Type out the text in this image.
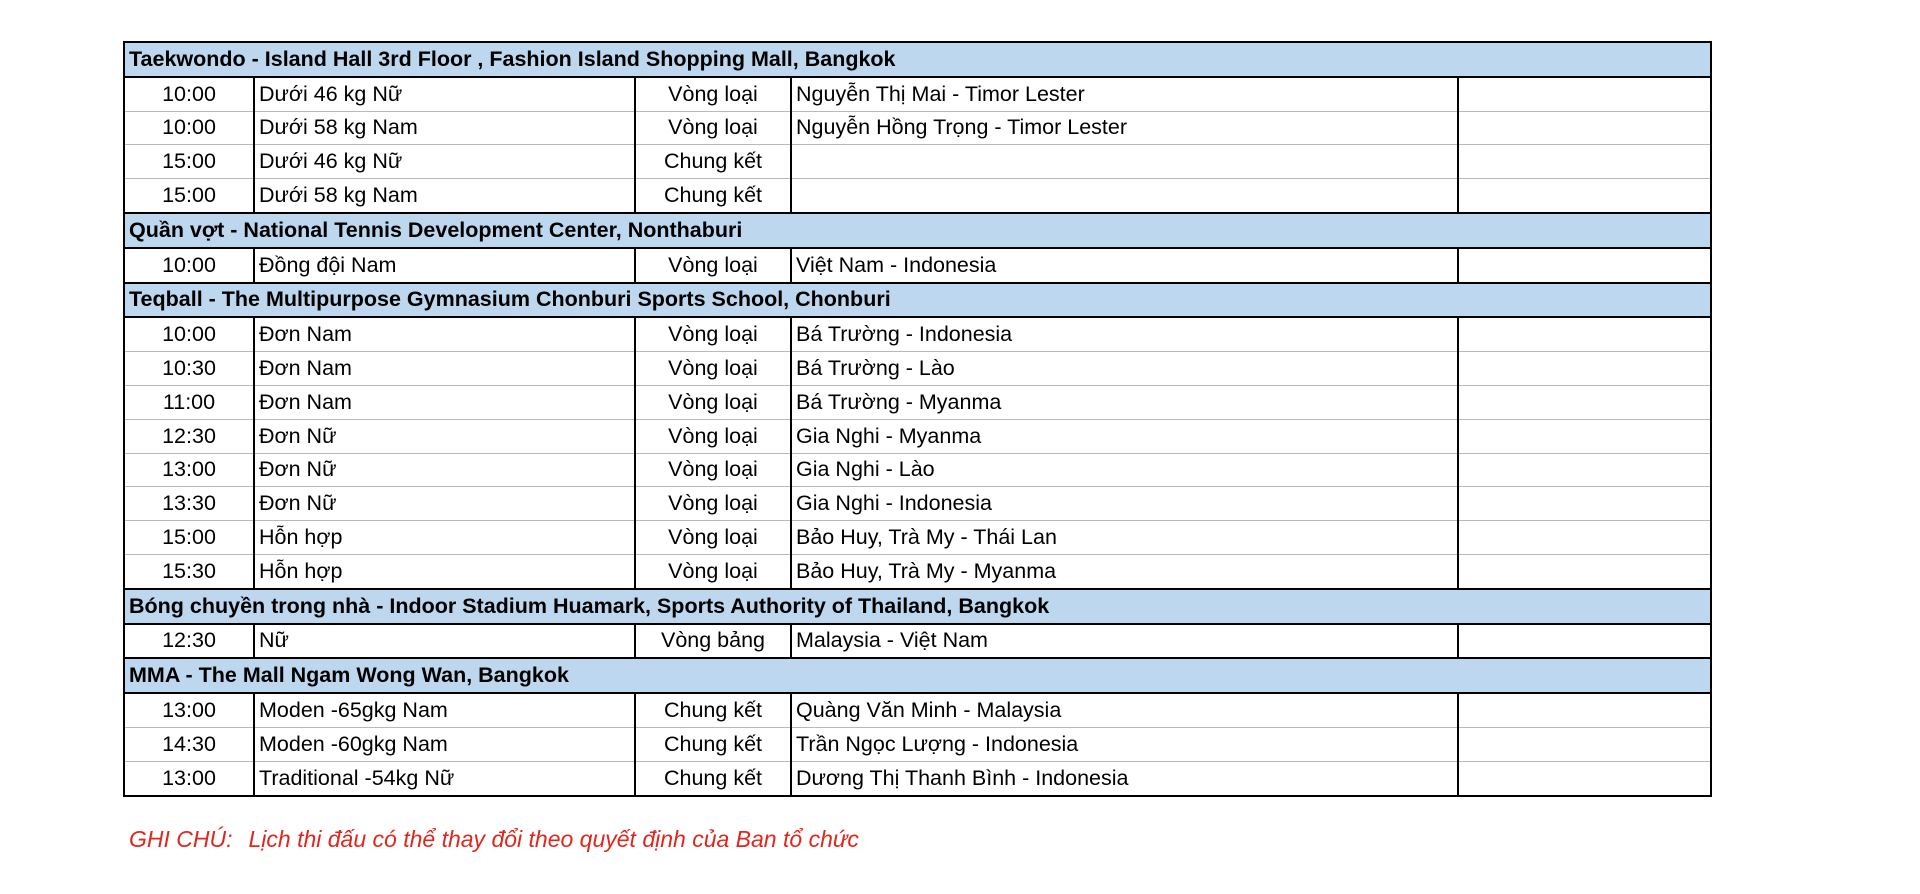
Taekwondo - Island Hall 3rd Floor , Fashion Island Shopping Mall, Bangkok				
10:00	Dưới 46 kg Nữ	Vòng loại	Nguyễn Thị Mai - Timor Lester	
10:00	Dưới 58 kg Nam	Vòng loại	Nguyễn Hồng Trọng - Timor Lester	
15:00	Dưới 46 kg Nữ	Chung kết		
15:00	Dưới 58 kg Nam	Chung kết		
Quần vợt - National Tennis Development Center, Nonthaburi				
10:00	Đồng đội Nam	Vòng loại	Việt Nam - Indonesia	
Teqball - The Multipurpose Gymnasium Chonburi Sports School, Chonburi				
10:00	Đơn Nam	Vòng loại	Bá Trường - Indonesia	
10:30	Đơn Nam	Vòng loại	Bá Trường - Lào	
11:00	Đơn Nam	Vòng loại	Bá Trường - Myanma	
12:30	Đơn Nữ	Vòng loại	Gia Nghi - Myanma	
13:00	Đơn Nữ	Vòng loại	Gia Nghi - Lào	
13:30	Đơn Nữ	Vòng loại	Gia Nghi - Indonesia	
15:00	Hỗn hợp	Vòng loại	Bảo Huy, Trà My - Thái Lan	
15:30	Hỗn hợp	Vòng loại	Bảo Huy, Trà My - Myanma	
Bóng chuyền trong nhà - Indoor Stadium Huamark, Sports Authority of Thailand, Bangkok				
12:30	Nữ	Vòng bảng	Malaysia - Việt Nam	
MMA - The Mall Ngam Wong Wan, Bangkok				
13:00	Moden -65gkg Nam	Chung kết	Quàng Văn Minh - Malaysia	
14:30	Moden -60gkg Nam	Chung kết	Trần Ngọc Lượng - Indonesia	
13:00	Traditional -54kg Nữ	Chung kết	Dương Thị Thanh Bình - Indonesia	
GHI CHÚ: Lịch thi đấu có thể thay đổi theo quyết định của Ban tổ chức
